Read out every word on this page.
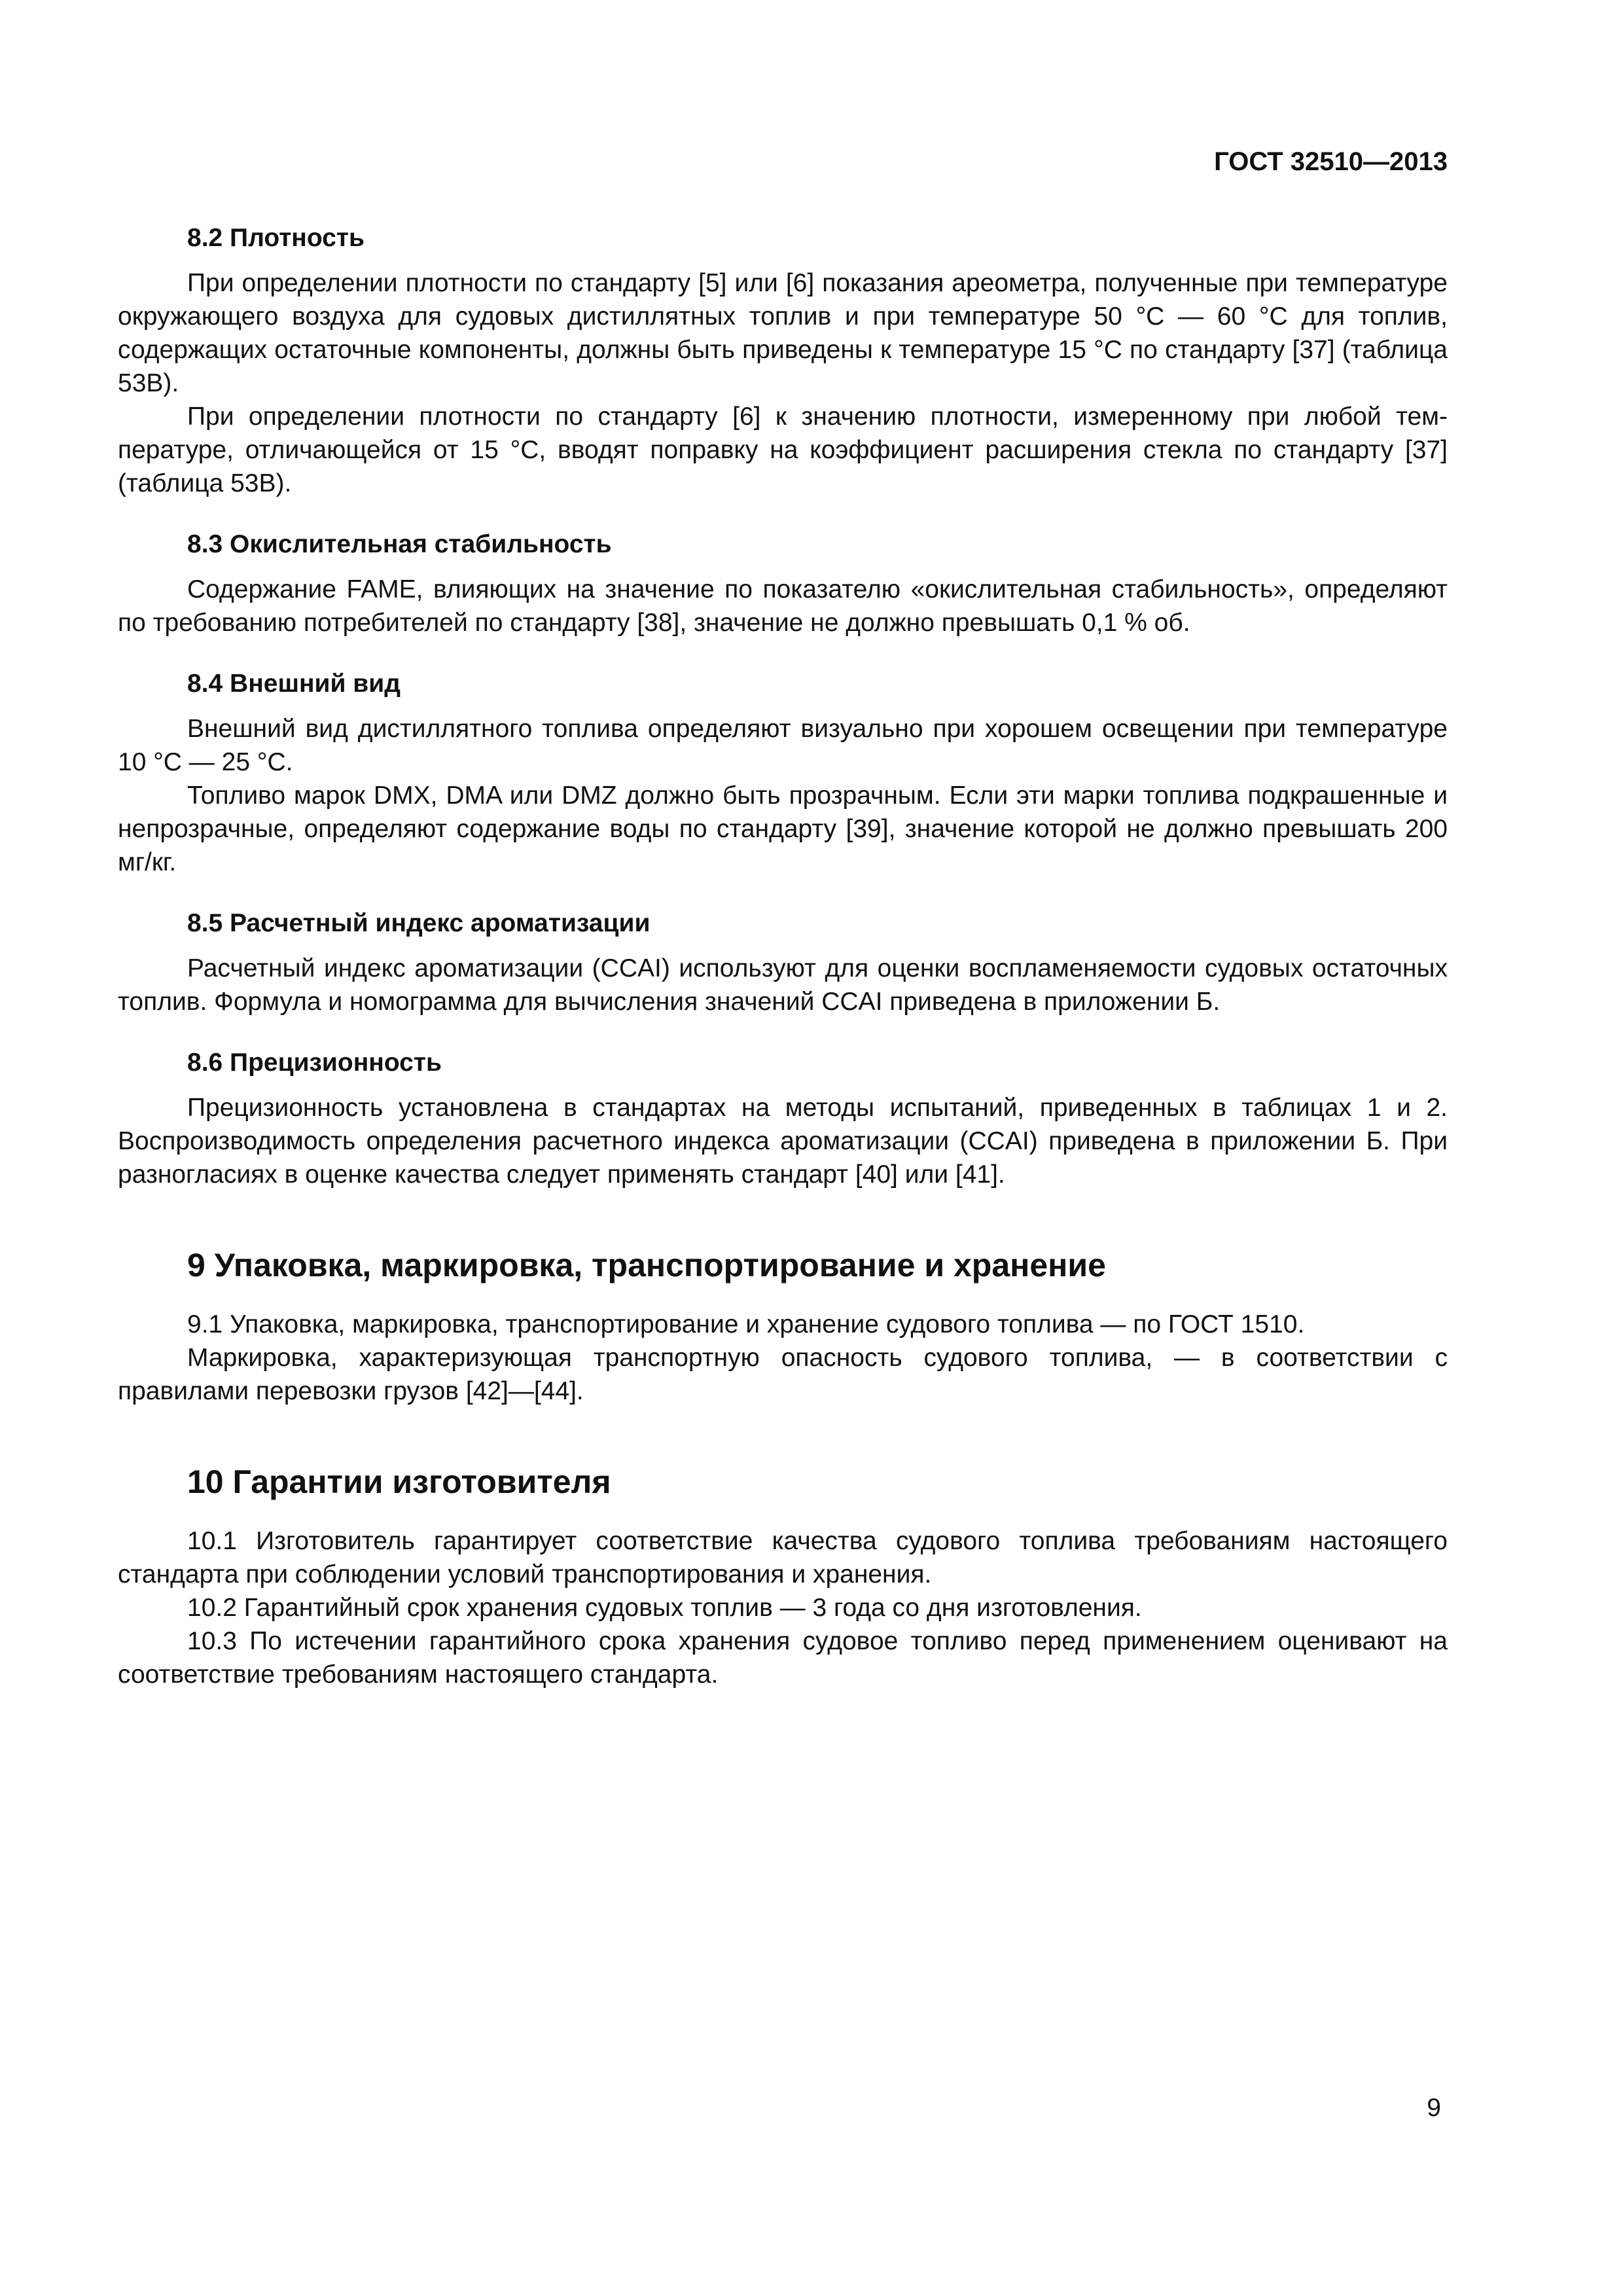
ГОСТ 32510—2013
8.2 Плотность

При определении плотности по стандарту [5] или [6] показания ареометра, полученные при температуре окружающего воздуха для судовых дистиллятных топлив и при температуре 50 °С — 60 °С для топлив, содержащих остаточные компоненты, должны быть приведены к температуре 15 °С по стандарту [37] (таблица 53В).

При определении плотности по стандарту [6] к значению плотности, измеренному при любой температуре, отличающейся от 15 °С, вводят поправку на коэффициент расширения стекла по стандарту [37] (таблица 53В).

8.3 Окислительная стабильность

Содержание FAME, влияющих на значение по показателю «окислительная стабильность», определяют по требованию потребителей по стандарту [38], значение не должно превышать 0,1 % об.

8.4 Внешний вид

Внешний вид дистиллятного топлива определяют визуально при хорошем освещении при температуре 10 °С — 25 °С.

Топливо марок DMX, DMA или DMZ должно быть прозрачным. Если эти марки топлива подкрашенные и непрозрачные, определяют содержание воды по стандарту [39], значение которой не должно превышать 200 мг/кг.

8.5 Расчетный индекс ароматизации

Расчетный индекс ароматизации (CCAI) используют для оценки воспламеняемости судовых остаточных топлив. Формула и номограмма для вычисления значений CCAI приведена в приложении Б.

8.6 Прецизионность

Прецизионность установлена в стандартах на методы испытаний, приведенных в таблицах 1 и 2. Воспроизводимость определения расчетного индекса ароматизации (CCAI) приведена в приложении Б. При разногласиях в оценке качества следует применять стандарт [40] или [41].

9 Упаковка, маркировка, транспортирование и хранение

9.1 Упаковка, маркировка, транспортирование и хранение судового топлива — по ГОСТ 1510.

Маркировка, характеризующая транспортную опасность судового топлива, — в соответствии с правилами перевозки грузов [42]—[44].

10 Гарантии изготовителя

10.1 Изготовитель гарантирует соответствие качества судового топлива требованиям настоящего стандарта при соблюдении условий транспортирования и хранения.

10.2 Гарантийный срок хранения судовых топлив — 3 года со дня изготовления.

10.3 По истечении гарантийного срока хранения судовое топливо перед применением оценивают на соответствие требованиям настоящего стандарта.

9
